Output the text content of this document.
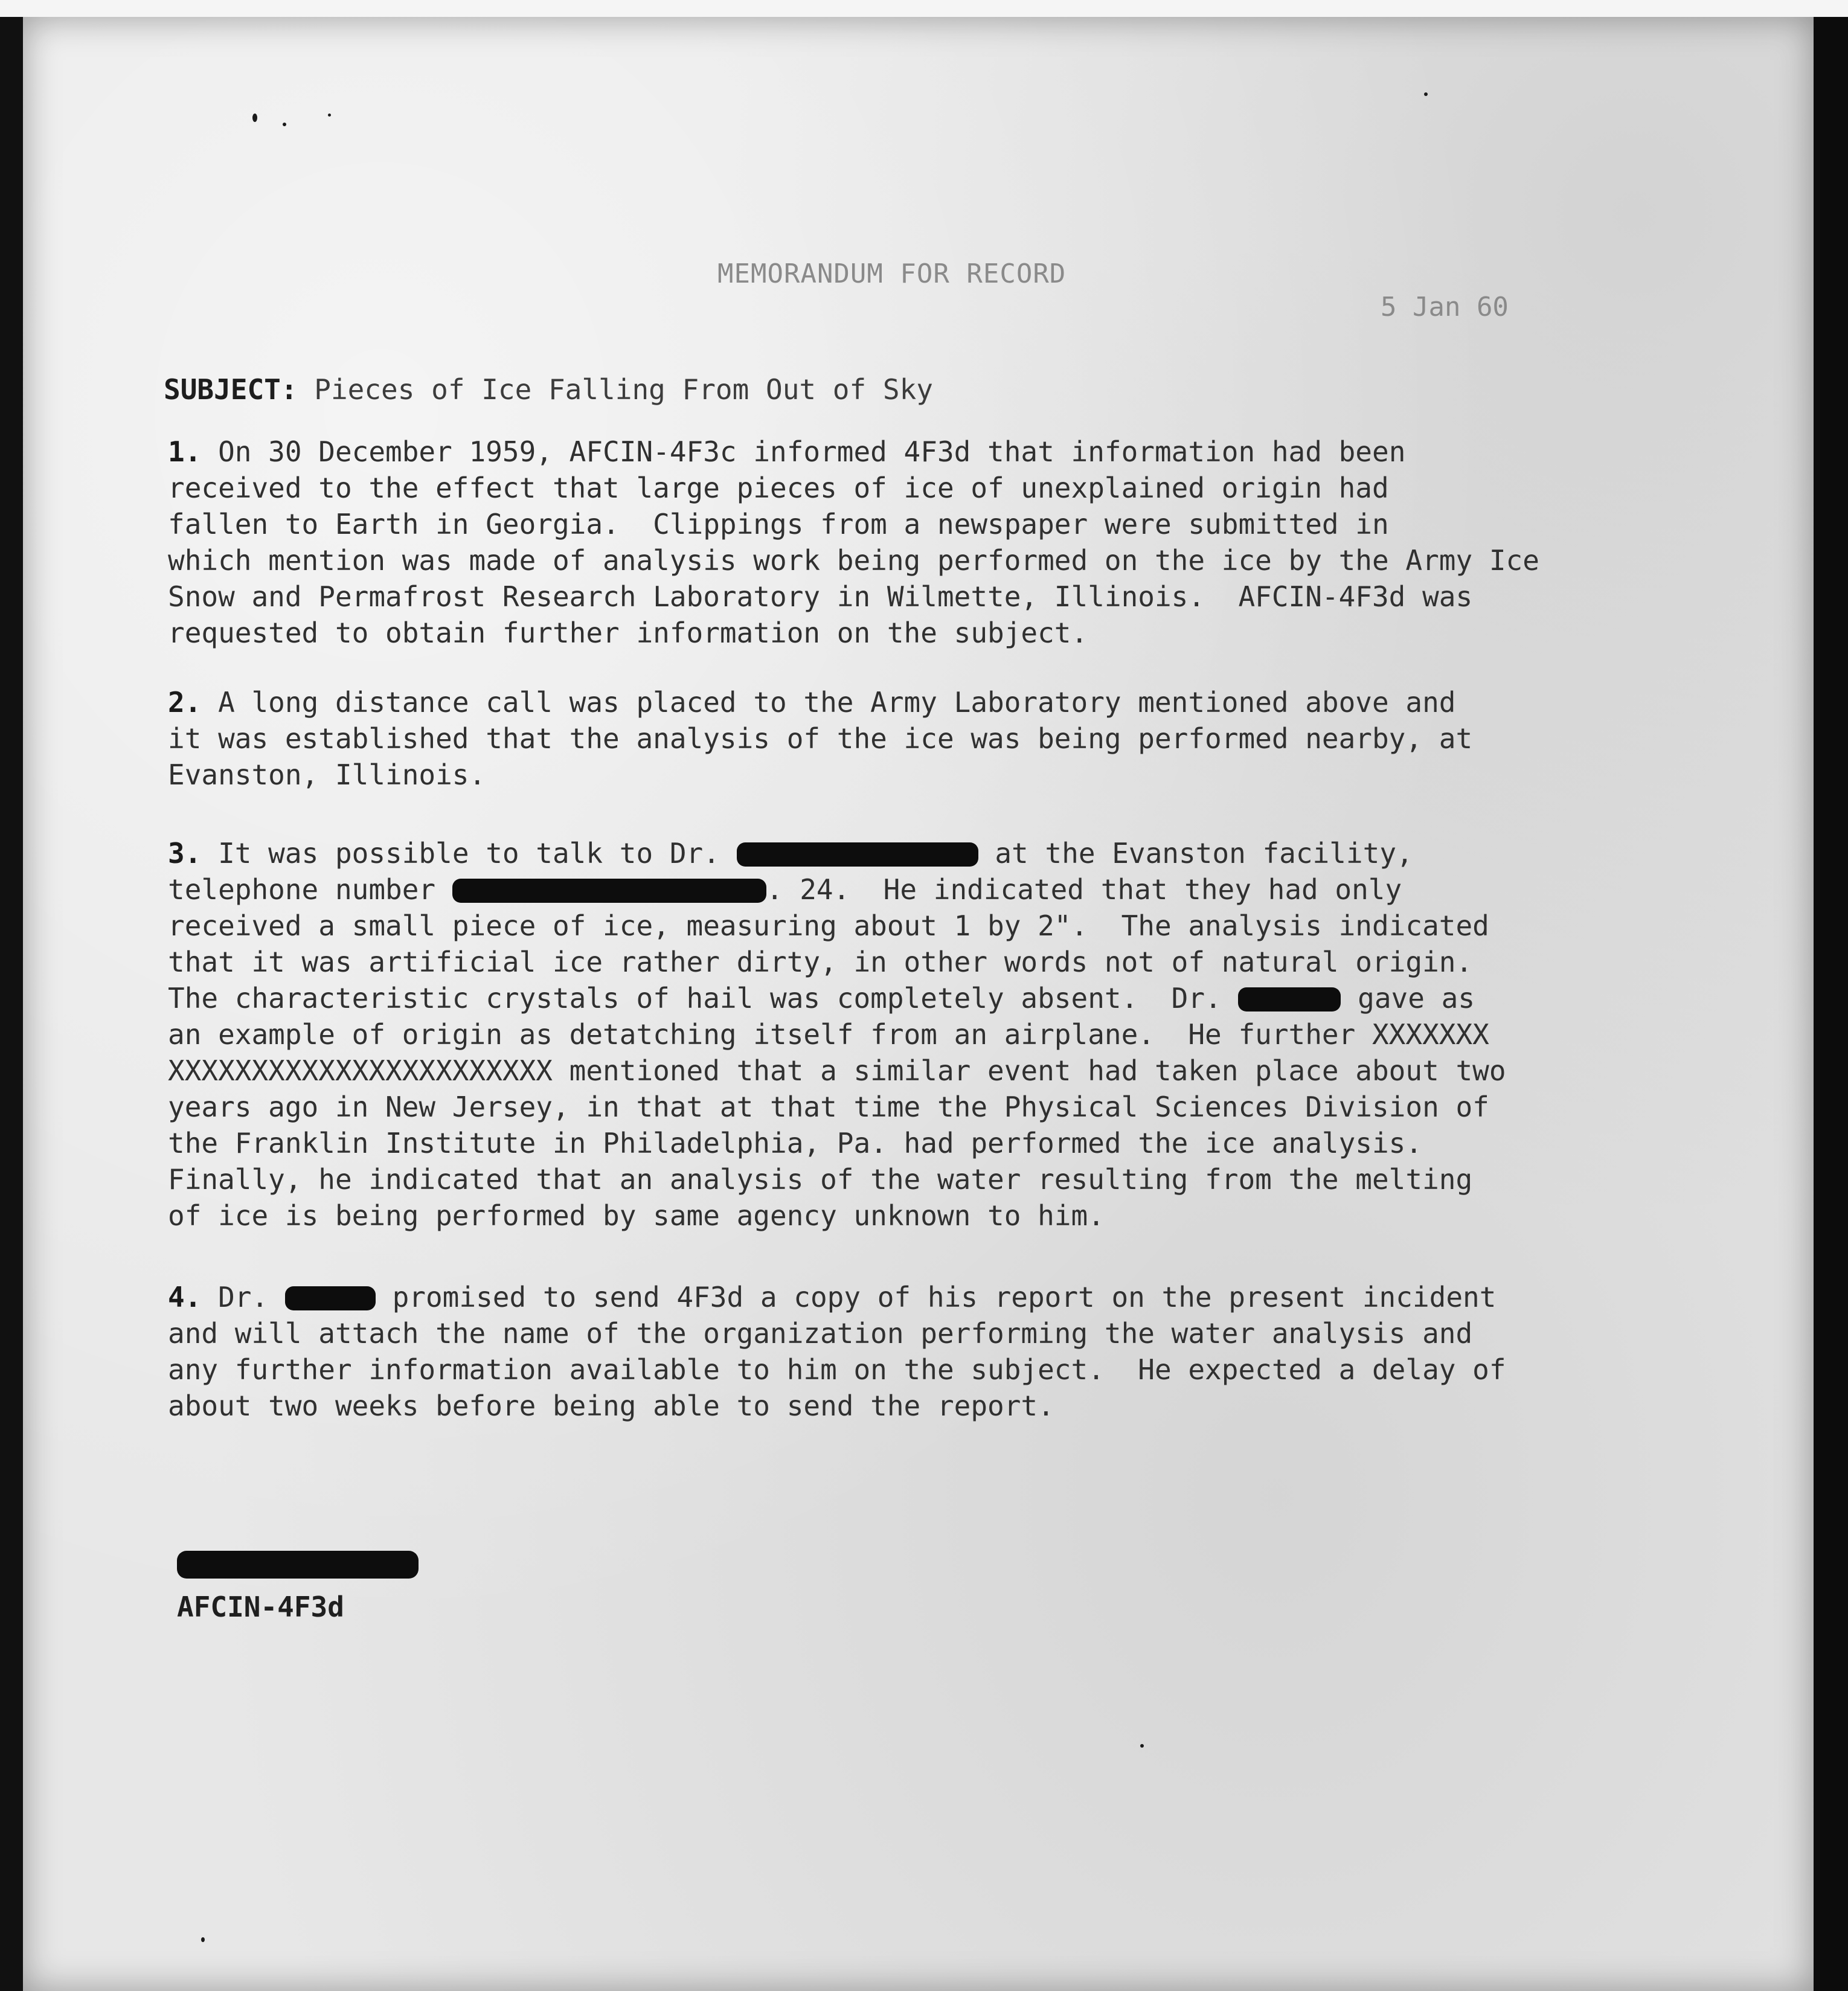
MEMORANDUM FOR RECORD
5 Jan 60
SUBJECT: Pieces of Ice Falling From Out of Sky
1. On 30 December 1959, AFCIN-4F3c informed 4F3d that information had been
received to the effect that large pieces of ice of unexplained origin had
fallen to Earth in Georgia.  Clippings from a newspaper were submitted in
which mention was made of analysis work being performed on the ice by the Army Ice
Snow and Permafrost Research Laboratory in Wilmette, Illinois.  AFCIN-4F3d was
requested to obtain further information on the subject.
2. A long distance call was placed to the Army Laboratory mentioned above and
it was established that the analysis of the ice was being performed nearby, at
Evanston, Illinois.
3. It was possible to talk to Dr.	at the Evanston facility,
telephone number	. 24.  He indicated that they had only
received a small piece of ice, measuring about 1 by 2".  The analysis indicated
that it was artificial ice rather dirty, in other words not of natural origin.
The characteristic crystals of hail was completely absent.  Dr.	gave as
an example of origin as detatching itself from an airplane.  He further XXXXXXX
XXXXXXXXXXXXXXXXXXXXXXX mentioned that a similar event had taken place about two
years ago in New Jersey, in that at that time the Physical Sciences Division of
the Franklin Institute in Philadelphia, Pa. had performed the ice analysis.
Finally, he indicated that an analysis of the water resulting from the melting
of ice is being performed by same agency unknown to him.
4. Dr.	promised to send 4F3d a copy of his report on the present incident
and will attach the name of the organization performing the water analysis and
any further information available to him on the subject.  He expected a delay of
about two weeks before being able to send the report.
AFCIN-4F3d
